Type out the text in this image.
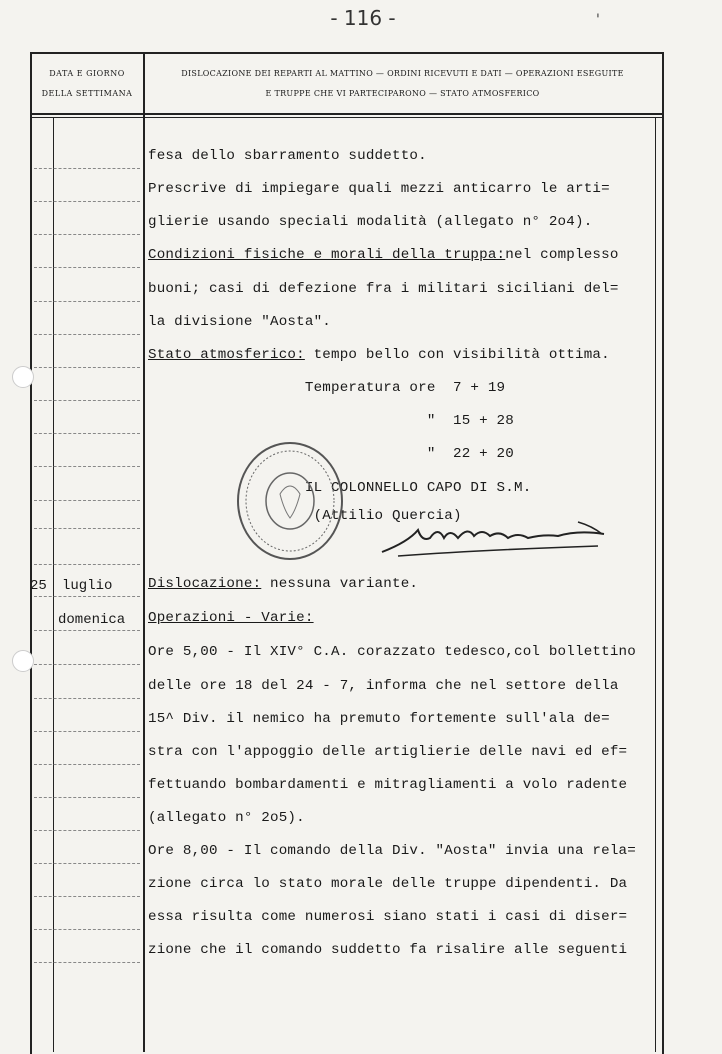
- 116 -	'
DATA E GIORNO
DELLA SETTIMANA
DISLOCAZIONE DEI REPARTI AL MATTINO — ORDINI RICEVUTI E DATI — OPERAZIONI ESEGUITE
E TRUPPE CHE VI PARTECIPARONO — STATO ATMOSFERICO
25 luglio
domenica
fesa dello sbarramento suddetto.
Prescrive di impiegare quali mezzi anticarro le arti=
glierie usando speciali modalità (allegato n° 2o4).
Condizioni fisiche e morali della truppa:nel complesso
buoni; casi di defezione fra i militari siciliani del=
la divisione "Aosta".
Stato atmosferico: tempo bello con visibilità ottima.
Temperatura ore  7 + 19
"  15 + 28
"  22 + 20
IL COLONNELLO CAPO DI S.M.
(Attilio Quercia)
Dislocazione: nessuna variante.
Operazioni - Varie:
Ore 5,00 - Il XIV° C.A. corazzato tedesco,col bollettino
delle ore 18 del 24 - 7, informa che nel settore della
15^ Div. il nemico ha premuto fortemente sull'ala de=
stra con l'appoggio delle artiglierie delle navi ed ef=
fettuando bombardamenti e mitragliamenti a volo radente
(allegato n° 2o5).
Ore 8,00 - Il comando della Div. "Aosta" invia una rela=
zione circa lo stato morale delle truppe dipendenti. Da
essa risulta come numerosi siano stati i casi di diser=
zione che il comando suddetto fa risalire alle seguenti
